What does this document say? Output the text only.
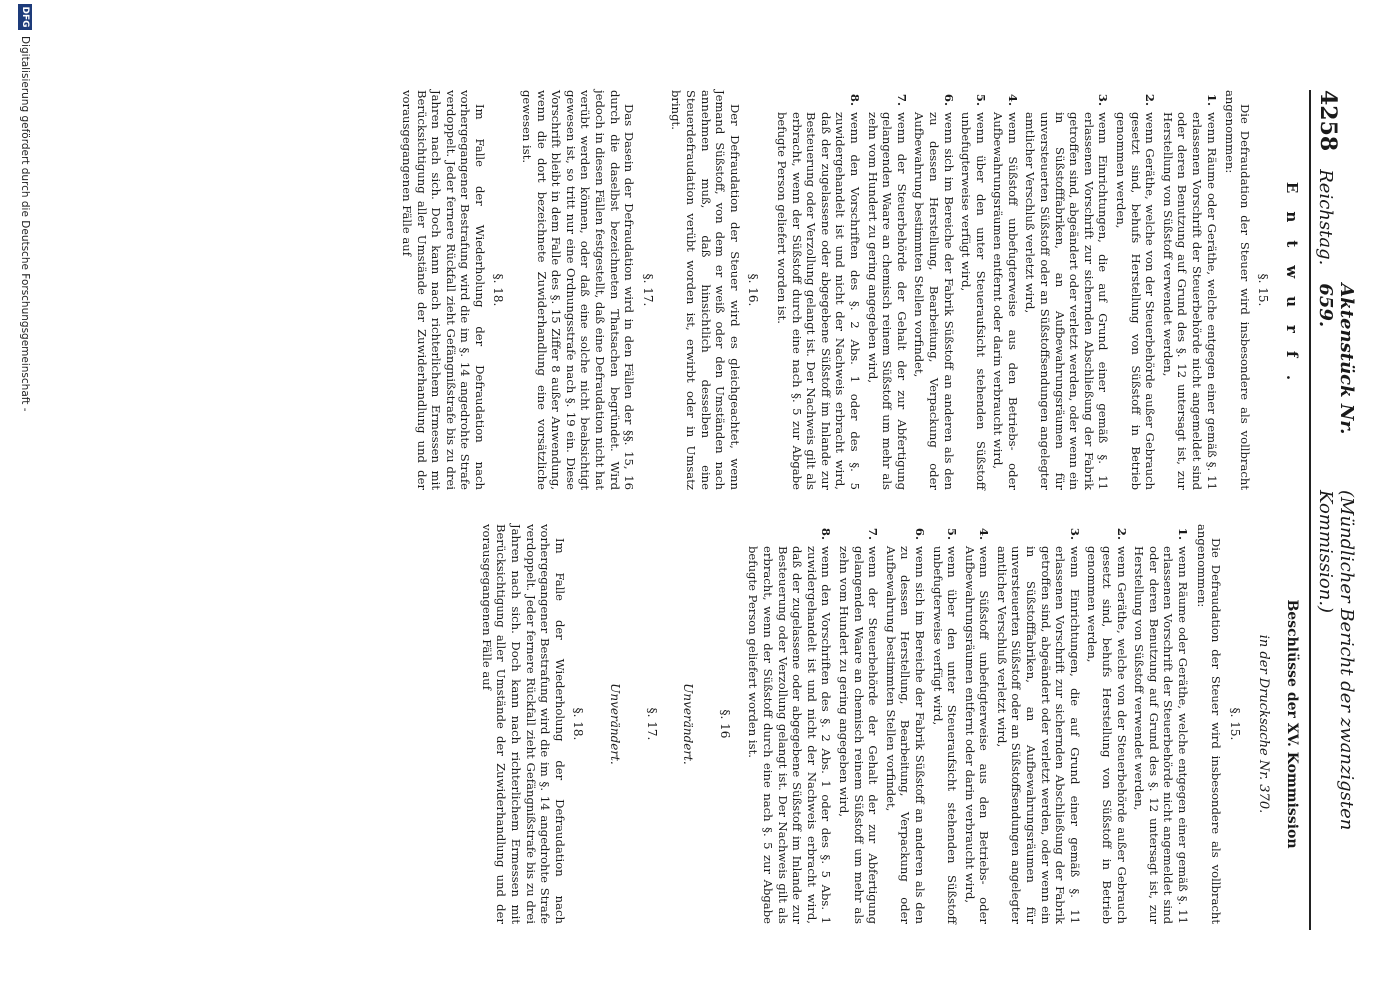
4258
Reichstag.
Aktenstück Nr. 659.
(Mündlicher Bericht der zwanzigsten Kommission.)
Entwurf.
§. 15.

Die Defraudation der Steuer wird insbesondere als vollbracht angenommen:

1.
wenn Räume oder Geräthe, welche entgegen einer gemäß §. 11 erlassenen Vorschrift der Steuerbehörde nicht angemeldet sind oder deren Benutzung auf Grund des §. 12 untersagt ist, zur Herstellung von Süßstoff verwendet werden,
2.
wenn Geräthe, welche von der Steuerbehörde außer Gebrauch gesetzt sind, behufs Herstellung von Süßstoff in Betrieb genommen werden,
3.
wenn Einrichtungen, die auf Grund einer gemäß §. 11 erlassenen Vorschrift zur sichernden Abschließung der Fabrik getroffen sind, abgeändert oder verletzt werden, oder wenn ein in Süßstofffabriken, an Aufbewahrungsräumen für unversteuerten Süßstoff oder an Süßstoffsendungen angelegter amtlicher Verschluß verletzt wird,
4.
wenn Süßstoff unbefugterweise aus den Betriebs- oder Aufbewahrungsräumen entfernt oder darin verbraucht wird,
5.
wenn über den unter Steueraufsicht stehenden Süßstoff unbefugterweise verfügt wird,
6.
wenn sich im Bereiche der Fabrik Süßstoff an anderen als den zu dessen Herstellung, Bearbeitung, Verpackung oder Aufbewahrung bestimmten Stellen vorfindet,
7.
wenn der Steuerbehörde der Gehalt der zur Abfertigung gelangenden Waare an chemisch reinem Süßstoff um mehr als zehn vom Hundert zu gering angegeben wird,
8.
wenn den Vorschriften des §. 2 Abs. 1 oder des §. 5 zuwidergehandelt ist und nicht der Nachweis erbracht wird, daß der zugelassene oder abgegebene Süßstoff im Inlande zur Besteuerung oder Verzollung gelangt ist. Der Nachweis gilt als erbracht, wenn der Süßstoff durch eine nach §. 5 zur Abgabe befugte Person geliefert worden ist.
§. 16.

Der Defraudation der Steuer wird es gleichgeachtet, wenn Jemand Süßstoff, von dem er weiß oder den Umständen nach annehmen muß, daß hinsichtlich desselben eine Steuerdefraudation verübt worden ist, erwirbt oder in Umsatz bringt.

§. 17.

Das Dasein der Defraudation wird in den Fällen der §§. 15, 16 durch die daselbst bezeichneten Thatsachen begründet. Wird jedoch in diesen Fällen festgestellt, daß eine Defraudation nicht hat verübt werden können, oder daß eine solche nicht beabsichtigt gewesen ist, so tritt nur eine Ordnungsstrafe nach §. 19 ein. Diese Vorschrift bleibt in dem Falle des §. 15 Ziffer 8 außer Anwendung, wenn die dort bezeichnete Zuwiderhandlung eine vorsätzliche gewesen ist.

§. 18.

Im Falle der Wiederholung der Defraudation nach vorhergegangener Bestrafung wird die im §. 14 angedrohte Strafe verdoppelt. Jeder fernere Rückfall zieht Gefängnißstrafe bis zu drei Jahren nach sich. Doch kann nach richterlichem Ermessen mit Berücksichtigung aller Umstände der Zuwiderhandlung und der vorausgegangenen Fälle auf

Beschlüsse der XV. Kommission
in der Drucksache Nr. 370.
§. 15.

Die Defraudation der Steuer wird insbesondere als vollbracht angenommen:

1.
wenn Räume oder Geräthe, welche entgegen einer gemäß §. 11 erlassenen Vorschrift der Steuerbehörde nicht angemeldet sind oder deren Benutzung auf Grund des §. 12 untersagt ist, zur Herstellung von Süßstoff verwendet werden,
2.
wenn Geräthe, welche von der Steuerbehörde außer Gebrauch gesetzt sind, behufs Herstellung von Süßstoff in Betrieb genommen werden,
3.
wenn Einrichtungen, die auf Grund einer gemäß §. 11 erlassenen Vorschrift zur sichernden Abschließung der Fabrik getroffen sind, abgeändert oder verletzt werden, oder wenn ein in Süßstofffabriken, an Aufbewahrungsräumen für unversteuerten Süßstoff oder an Süßstoffsendungen angelegter amtlicher Verschluß verletzt wird,
4.
wenn Süßstoff unbefugterweise aus den Betriebs- oder Aufbewahrungsräumen entfernt oder darin verbraucht wird,
5.
wenn über den unter Steueraufsicht stehenden Süßstoff unbefugterweise verfügt wird,
6.
wenn sich im Bereiche der Fabrik Süßstoff an anderen als den zu dessen Herstellung, Bearbeitung, Verpackung oder Aufbewahrung bestimmten Stellen vorfindet,
7.
wenn der Steuerbehörde der Gehalt der zur Abfertigung gelangenden Waare an chemisch reinem Süßstoff um mehr als zehn vom Hundert zu gering angegeben wird,
8.
wenn den Vorschriften des §. 2 Abs. 1 oder des §. 5 Abs. 1 zuwidergehandelt ist und nicht der Nachweis erbracht wird, daß der zugelassene oder abgegebene Süßstoff im Inlande zur Besteuerung oder Verzollung gelangt ist. Der Nachweis gilt als erbracht, wenn der Süßstoff durch eine nach §. 5 zur Abgabe befugte Person geliefert worden ist.
§. 16
Unverändert.
§. 17.
Unverändert.
§. 18.

Im Falle der Wiederholung der Defraudation nach vorhergegangener Bestrafung wird die im §. 14 angedrohte Strafe verdoppelt. Jeder fernere Rückfall zieht Gefängnißstrafe bis zu drei Jahren nach sich. Doch kann nach richterlichem Ermessen mit Berücksichtigung aller Umstände der Zuwiderhandlung und der vorausgegangenen Fälle auf

DFG
Digitalisierung gefördert durch die Deutsche Forschungsgemeinschaft -
